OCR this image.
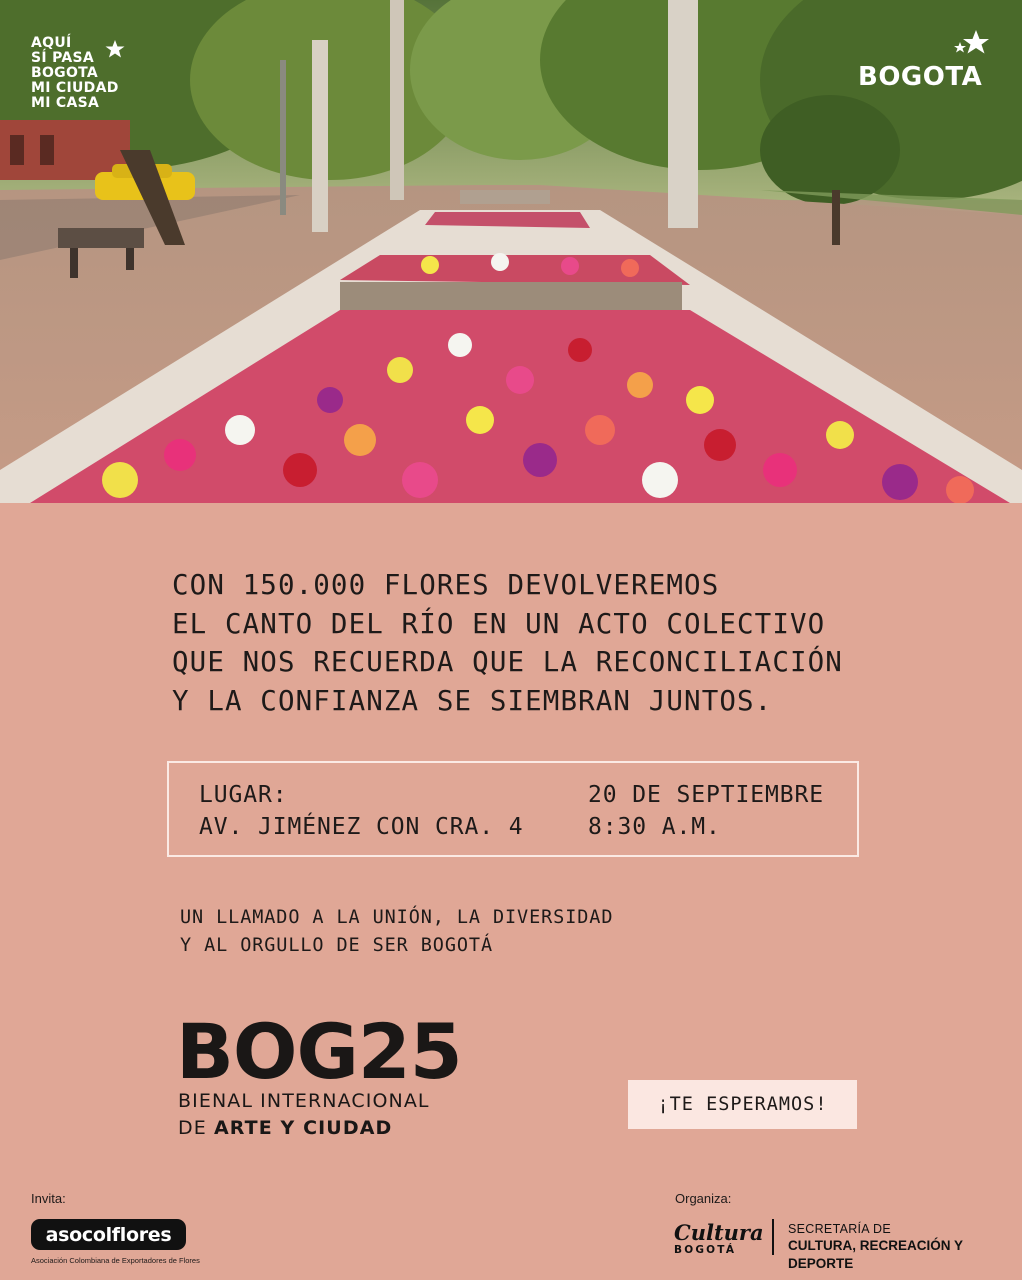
AQUÍ
SÍ PASA
BOGOTA
MI CIUDAD
MI CASA
BOGOTA
CON 150.000 FLORES DEVOLVEREMOS
EL CANTO DEL RÍO EN UN ACTO COLECTIVO
QUE NOS RECUERDA QUE LA RECONCILIACIÓN
Y LA CONFIANZA SE SIEMBRAN JUNTOS.
LUGAR:
AV. JIMÉNEZ CON CRA. 4
20 DE SEPTIEMBRE
8:30 A.M.
UN LLAMADO A LA UNIÓN, LA DIVERSIDAD
Y AL ORGULLO DE SER BOGOTÁ
BOG25
BIENAL INTERNACIONAL
DE ARTE Y CIUDAD
¡TE ESPERAMOS!
Invita:
asocolflores
Asociación Colombiana de Exportadores de Flores
Organiza:
Cultura
BOGOTÁ
SECRETARÍA DE
CULTURA, RECREACIÓN Y DEPORTE
